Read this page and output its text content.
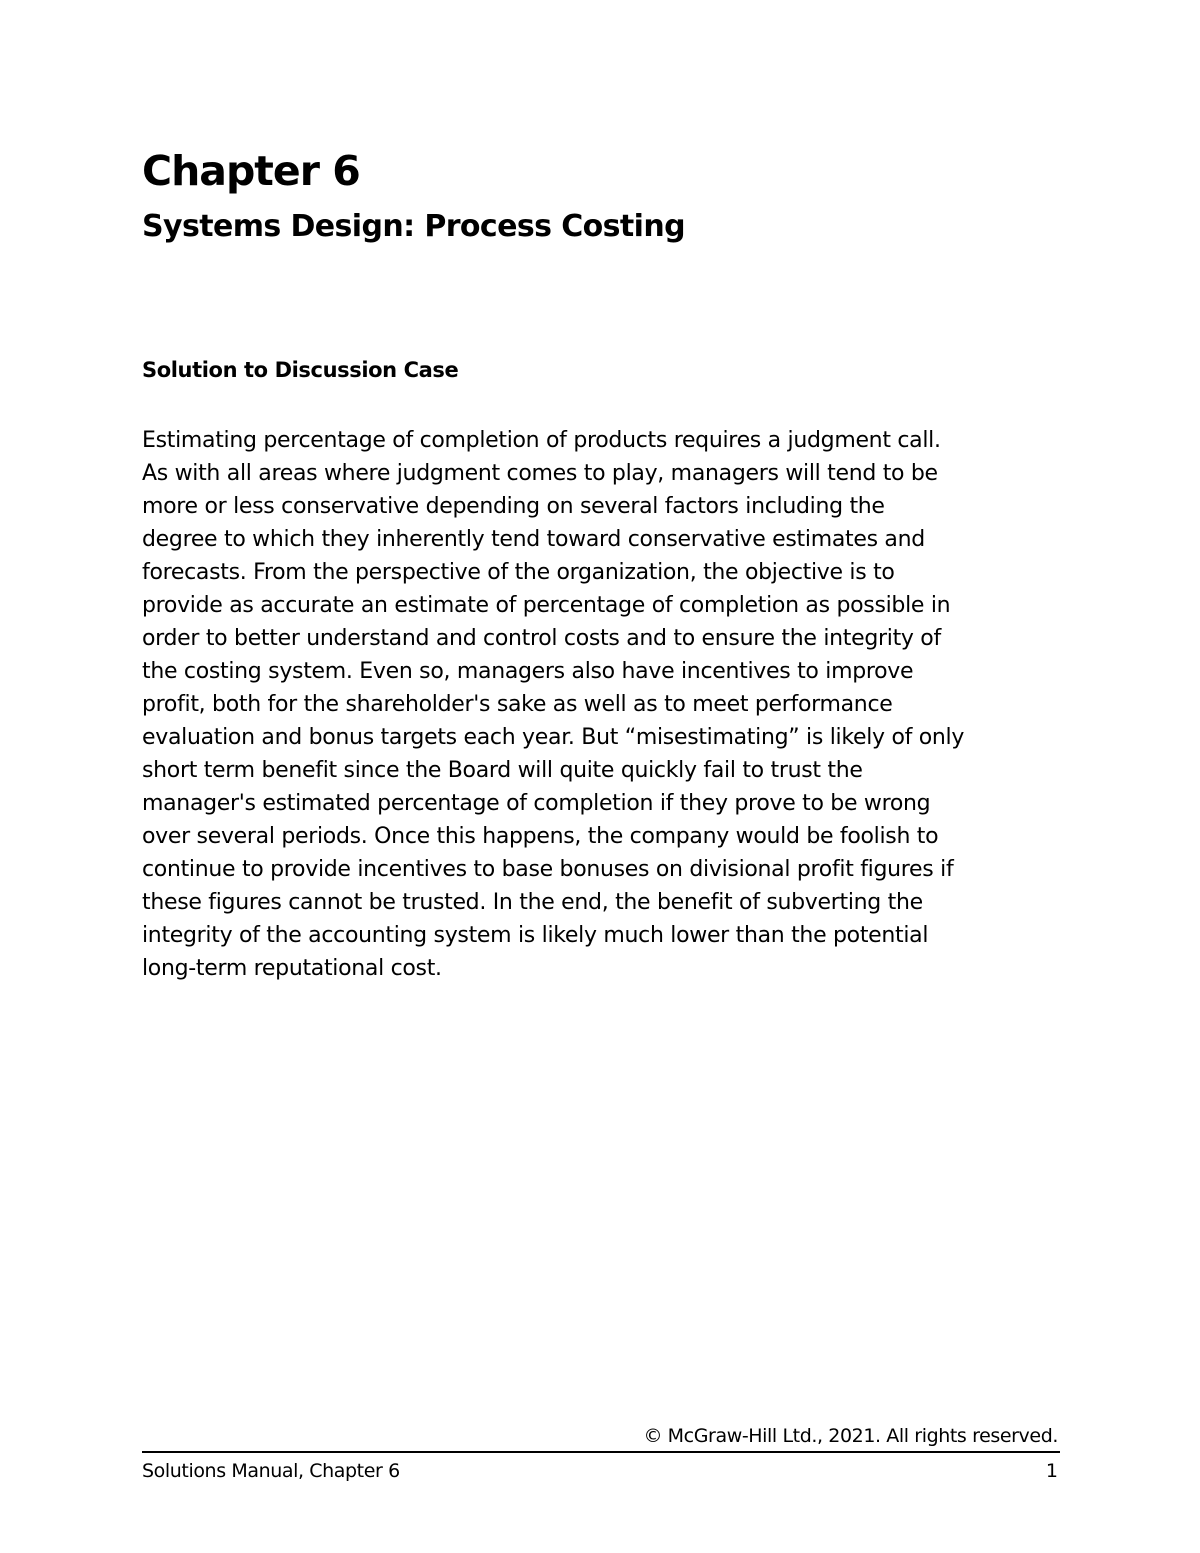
Chapter 6
Systems Design: Process Costing
Solution to Discussion Case
Estimating percentage of completion of products requires a judgment call.
As with all areas where judgment comes to play, managers will tend to be
more or less conservative depending on several factors including the
degree to which they inherently tend toward conservative estimates and
forecasts. From the perspective of the organization, the objective is to
provide as accurate an estimate of percentage of completion as possible in
order to better understand and control costs and to ensure the integrity of
the costing system. Even so, managers also have incentives to improve
profit, both for the shareholder's sake as well as to meet performance
evaluation and bonus targets each year. But “misestimating” is likely of only
short term benefit since the Board will quite quickly fail to trust the
manager's estimated percentage of completion if they prove to be wrong
over several periods. Once this happens, the company would be foolish to
continue to provide incentives to base bonuses on divisional profit figures if
these figures cannot be trusted. In the end, the benefit of subverting the
integrity of the accounting system is likely much lower than the potential
long-term reputational cost.

© McGraw-Hill Ltd., 2021. All rights reserved.

Solutions Manual, Chapter 6	1
